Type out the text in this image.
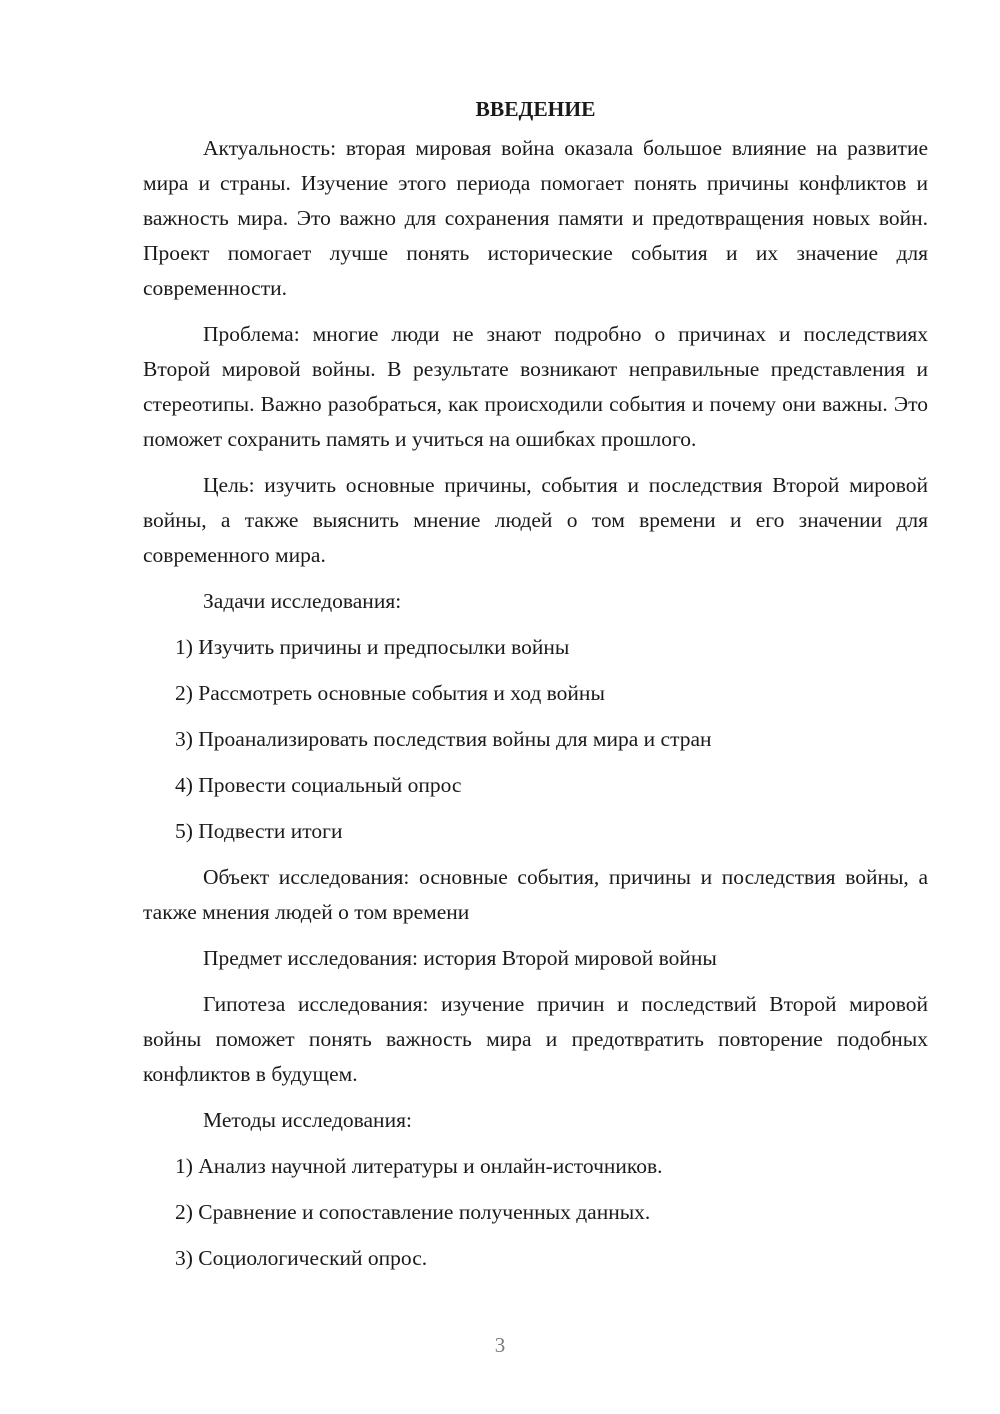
ВВЕДЕНИЕ

Актуальность: вторая мировая война оказала большое влияние на развитие мира и страны. Изучение этого периода помогает понять причины конфликтов и важность мира. Это важно для сохранения памяти и предотвращения новых войн. Проект помогает лучше понять исторические события и их значение для современности.

Проблема: многие люди не знают подробно о причинах и последствиях Второй мировой войны. В результате возникают неправильные представления и стереотипы. Важно разобраться, как происходили события и почему они важны. Это поможет сохранить память и учиться на ошибках прошлого.

Цель: изучить основные причины, события и последствия Второй мировой войны, а также выяснить мнение людей о том времени и его значении для современного мира.

Задачи исследования:

1) Изучить причины и предпосылки войны
2) Рассмотреть основные события и ход войны
3) Проанализировать последствия войны для мира и стран
4) Провести социальный опрос
5) Подвести итоги

Объект исследования: основные события, причины и последствия войны, а также мнения людей о том времени

Предмет исследования: история Второй мировой войны

Гипотеза исследования: изучение причин и последствий Второй мировой войны поможет понять важность мира и предотвратить повторение подобных конфликтов в будущем.

Методы исследования:

1) Анализ научной литературы и онлайн-источников.
2) Сравнение и сопоставление полученных данных.
3) Социологический опрос.
3
